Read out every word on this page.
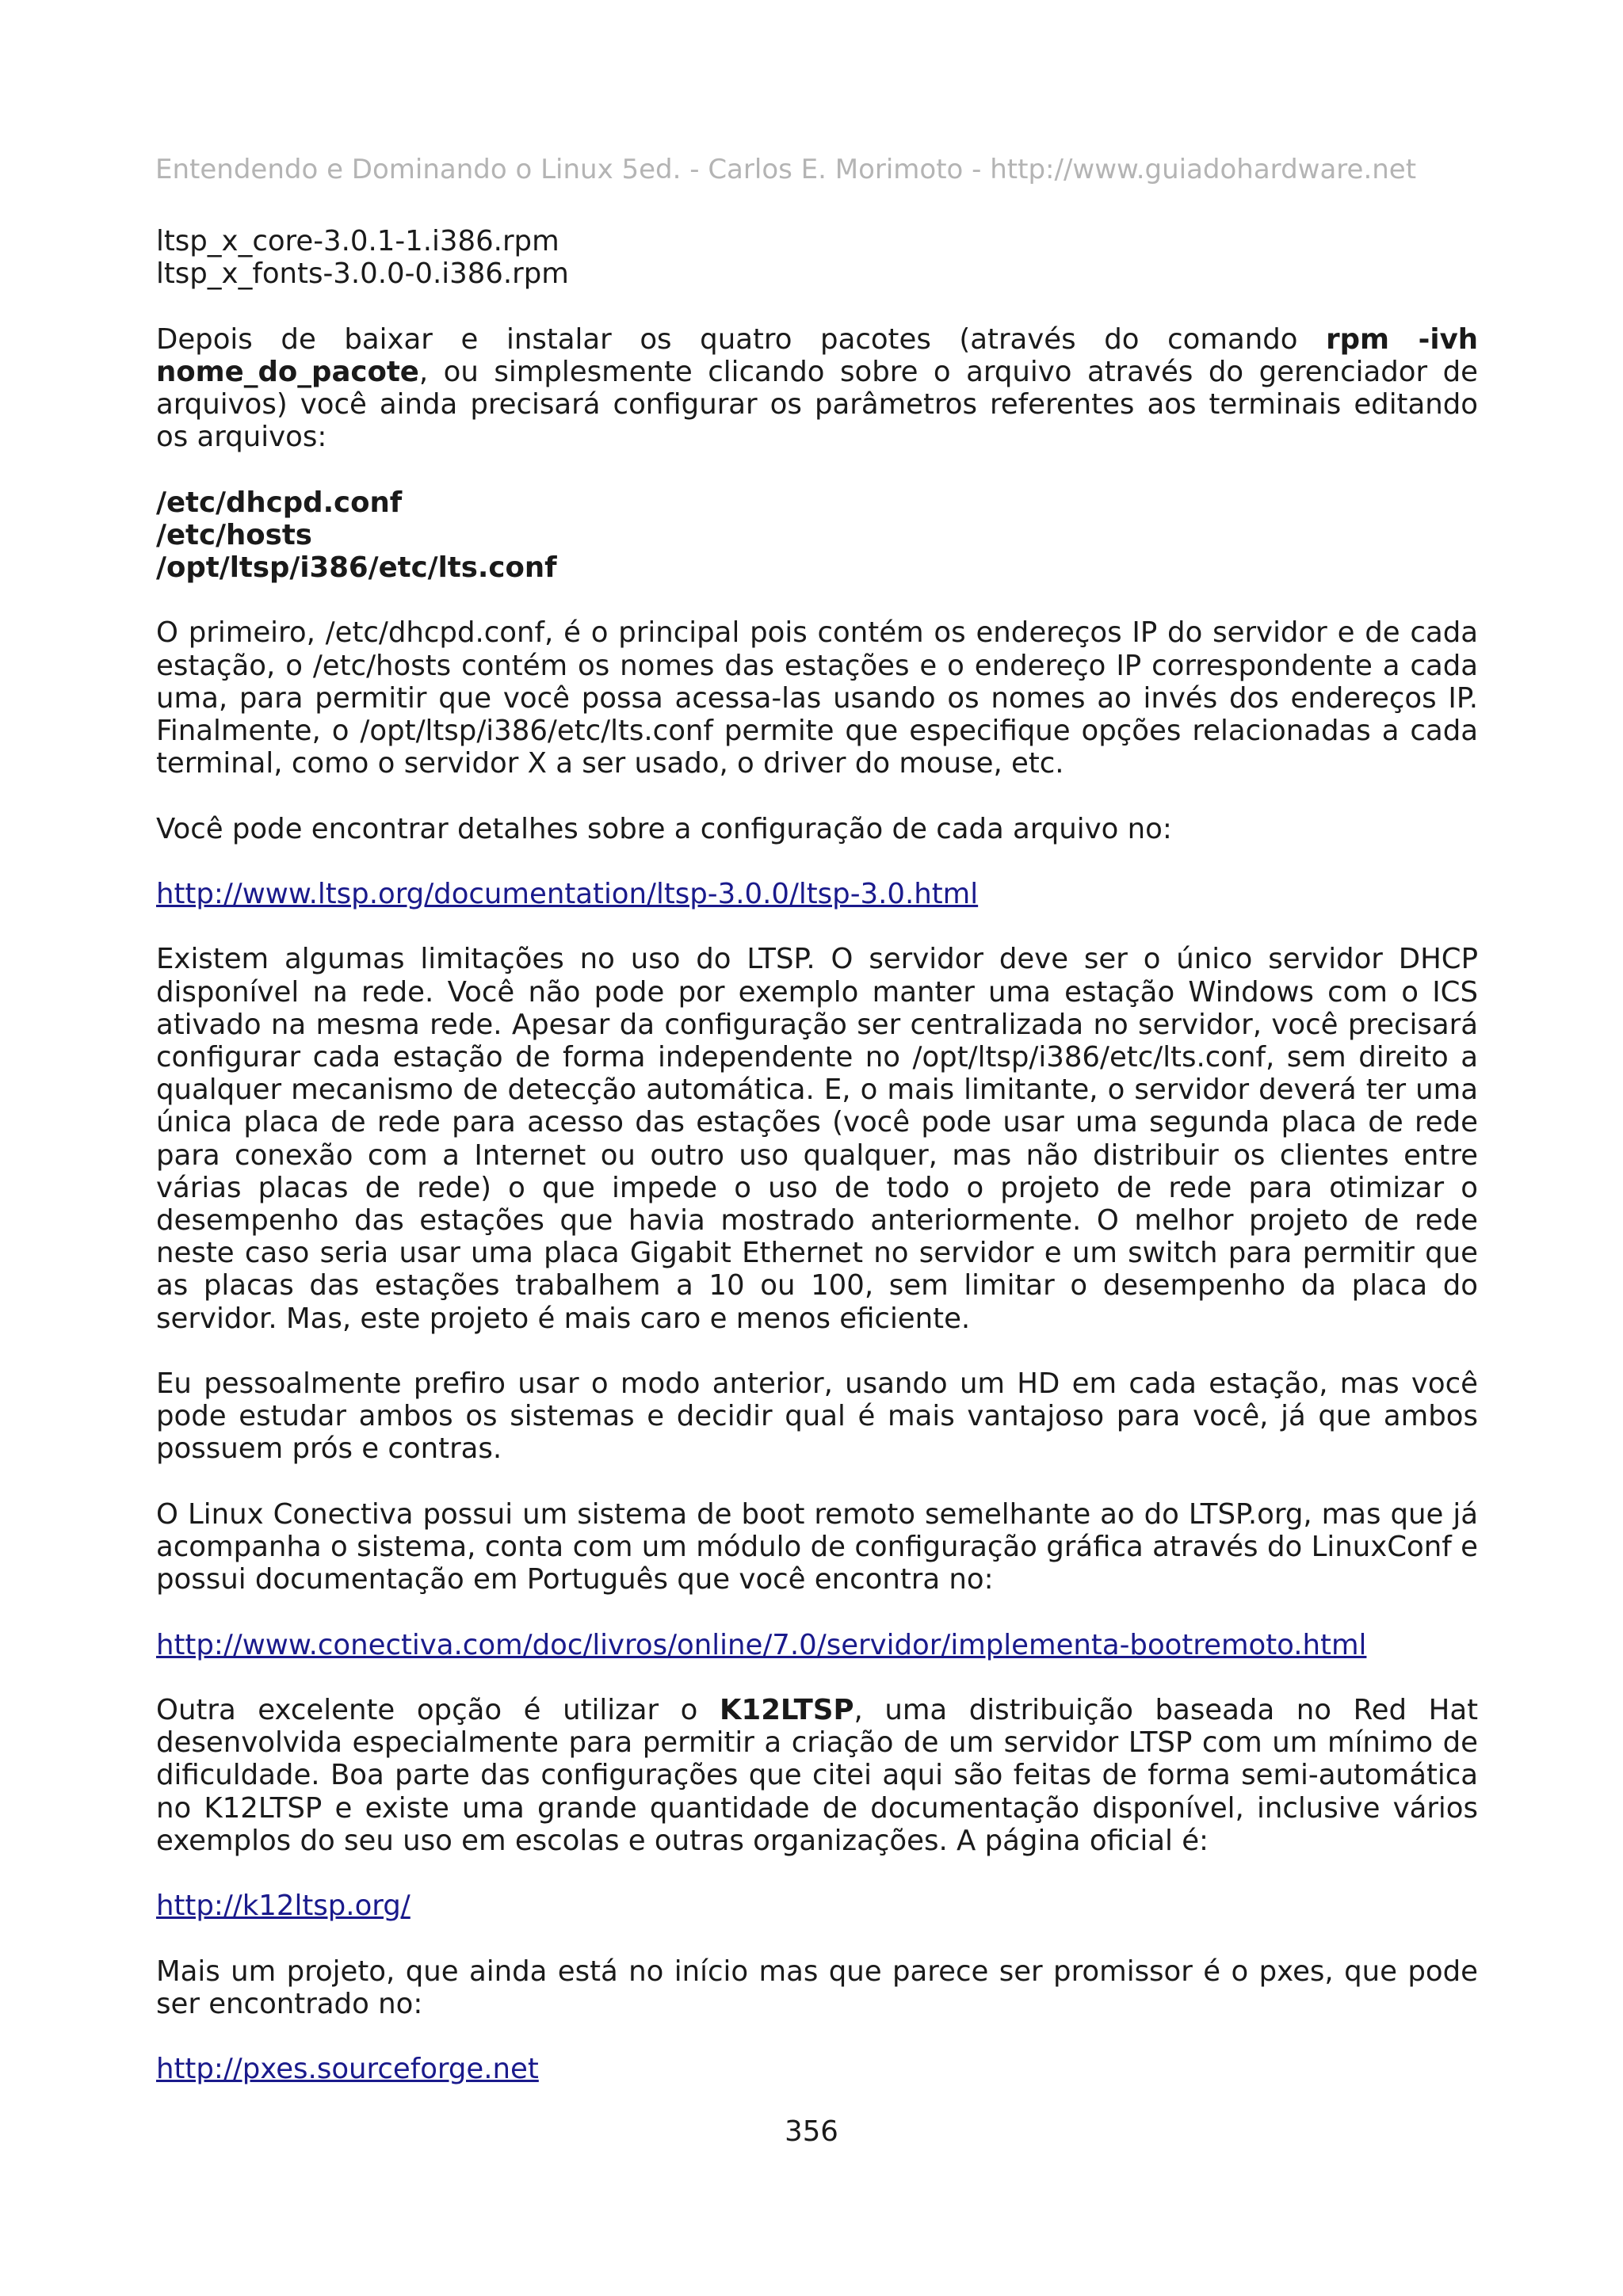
Entendendo e Dominando o Linux 5ed. - Carlos E. Morimoto - http://www.guiadohardware.net

ltsp_x_core-3.0.1-1.i386.rpm
ltsp_x_fonts-3.0.0-0.i386.rpm

Depois de baixar e instalar os quatro pacotes (através do comando rpm -ivh nome_do_pacote, ou simplesmente clicando sobre o arquivo através do gerenciador de arquivos) você ainda precisará configurar os parâmetros referentes aos terminais editando os arquivos:

/etc/dhcpd.conf
/etc/hosts
/opt/ltsp/i386/etc/lts.conf

O primeiro, /etc/dhcpd.conf, é o principal pois contém os endereços IP do servidor e de cada estação, o /etc/hosts contém os nomes das estações e o endereço IP correspondente a cada uma, para permitir que você possa acessa-las usando os nomes ao invés dos endereços IP. Finalmente, o /opt/ltsp/i386/etc/lts.conf permite que especifique opções relacionadas a cada terminal, como o servidor X a ser usado, o driver do mouse, etc.

Você pode encontrar detalhes sobre a configuração de cada arquivo no:

http://www.ltsp.org/documentation/ltsp-3.0.0/ltsp-3.0.html

Existem algumas limitações no uso do LTSP. O servidor deve ser o único servidor DHCP disponível na rede. Você não pode por exemplo manter uma estação Windows com o ICS ativado na mesma rede. Apesar da configuração ser centralizada no servidor, você precisará configurar cada estação de forma independente no /opt/ltsp/i386/etc/lts.conf, sem direito a qualquer mecanismo de detecção automática. E, o mais limitante, o servidor deverá ter uma única placa de rede para acesso das estações (você pode usar uma segunda placa de rede para conexão com a Internet ou outro uso qualquer, mas não distribuir os clientes entre várias placas de rede) o que impede o uso de todo o projeto de rede para otimizar o desempenho das estações que havia mostrado anteriormente. O melhor projeto de rede neste caso seria usar uma placa Gigabit Ethernet no servidor e um switch para permitir que as placas das estações trabalhem a 10 ou 100, sem limitar o desempenho da placa do servidor. Mas, este projeto é mais caro e menos eficiente.

Eu pessoalmente prefiro usar o modo anterior, usando um HD em cada estação, mas você pode estudar ambos os sistemas e decidir qual é mais vantajoso para você, já que ambos possuem prós e contras.

O Linux Conectiva possui um sistema de boot remoto semelhante ao do LTSP.org, mas que já acompanha o sistema, conta com um módulo de configuração gráfica através do LinuxConf e possui documentação em Português que você encontra no:

http://www.conectiva.com/doc/livros/online/7.0/servidor/implementa-bootremoto.html

Outra excelente opção é utilizar o K12LTSP, uma distribuição baseada no Red Hat desenvolvida especialmente para permitir a criação de um servidor LTSP com um mínimo de dificuldade. Boa parte das configurações que citei aqui são feitas de forma semi-automática no K12LTSP e existe uma grande quantidade de documentação disponível, inclusive vários exemplos do seu uso em escolas e outras organizações. A página oficial é:

http://k12ltsp.org/

Mais um projeto, que ainda está no início mas que parece ser promissor é o pxes, que pode ser encontrado no:

http://pxes.sourceforge.net

356
